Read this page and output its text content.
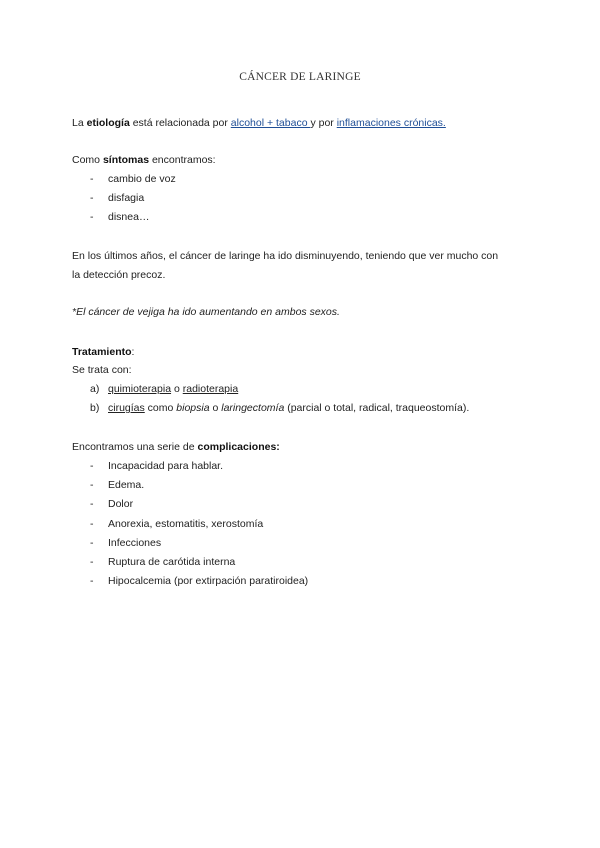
CÁNCER DE LARINGE
La etiología está relacionada por alcohol + tabaco y por inflamaciones crónicas.
Como síntomas encontramos:
- cambio de voz
- disfagia
- disnea…
En los últimos años, el cáncer de laringe ha ido disminuyendo, teniendo que ver mucho con
la detección precoz.
*El cáncer de vejiga ha ido aumentando en ambos sexos.
Tratamiento:
Se trata con:
a) quimioterapia o radioterapia
b) cirugías como biopsia o laringectomía (parcial o total, radical, traqueostomía).
Encontramos una serie de complicaciones:
- Incapacidad para hablar.
- Edema.
- Dolor
- Anorexia, estomatitis, xerostomía
- Infecciones
- Ruptura de carótida interna
- Hipocalcemia (por extirpación paratiroidea)
